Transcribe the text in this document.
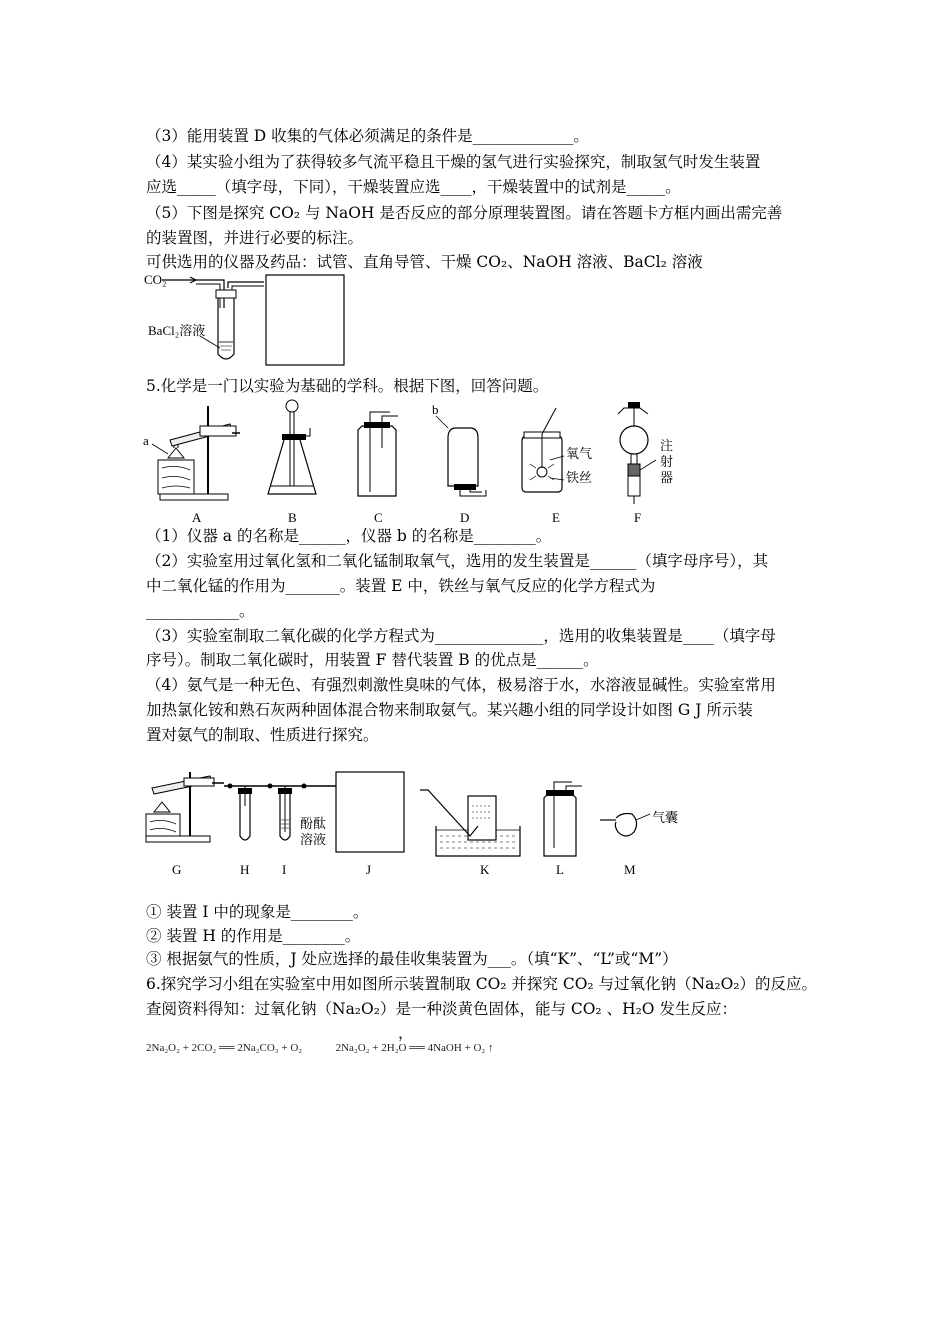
（3）能用装置 D 收集的气体必须满足的条件是_____________。
（4）某实验小组为了获得较多气流平稳且干燥的氢气进行实验探究，制取氢气时发生装置
应选_____（填字母，下同），干燥装置应选____，干燥装置中的试剂是_____。
（5）下图是探究 CO₂ 与 NaOH 是否反应的部分原理装置图。请在答题卡方框内画出需完善
的装置图，并进行必要的标注。
可供选用的仪器及药品：试管、直角导管、干燥 CO₂、NaOH 溶液、BaCl₂ 溶液
CO₂
BaCl₂溶液
5.化学是一门以实验为基础的学科。根据下图，回答问题。
a
b
氧气
铁丝
注射器
A	B	C	D	E	F
（1）仪器 a 的名称是______，仪器 b 的名称是________。
（2）实验室用过氧化氢和二氧化锰制取氧气，选用的发生装置是______（填字母序号），其
中二氧化锰的作用为_______。装置 E 中，铁丝与氧气反应的化学方程式为
____________。
（3）实验室制取二氧化碳的化学方程式为______________，选用的收集装置是____（填字母
序号）。制取二氧化碳时，用装置 F 替代装置 B 的优点是______。
（4）氨气是一种无色、有强烈刺激性臭味的气体，极易溶于水，水溶液显碱性。实验室常用
加热氯化铵和熟石灰两种固体混合物来制取氨气。某兴趣小组的同学设计如图 G J 所示装
置对氨气的制取、性质进行探究。
酚酞溶液
气囊
G	H	I	J	K	L	M
① 装置 I 中的现象是________。
② 装置 H 的作用是________。
③ 根据氨气的性质，J 处应选择的最佳收集装置为___。（填“K”、“L”或“M”）
6.探究学习小组在实验室中用如图所示装置制取 CO₂ 并探究 CO₂ 与过氧化钠（Na₂O₂）的反应。
查阅资料得知：过氧化钠（Na₂O₂）是一种淡黄色固体，能与 CO₂ 、H₂O 发生反应：
，
2Na₂O₂ + 2CO₂ ══ 2Na₂CO₃ + O₂	2Na₂O₂ + 2H₂O ══ 4NaOH + O₂ ↑
